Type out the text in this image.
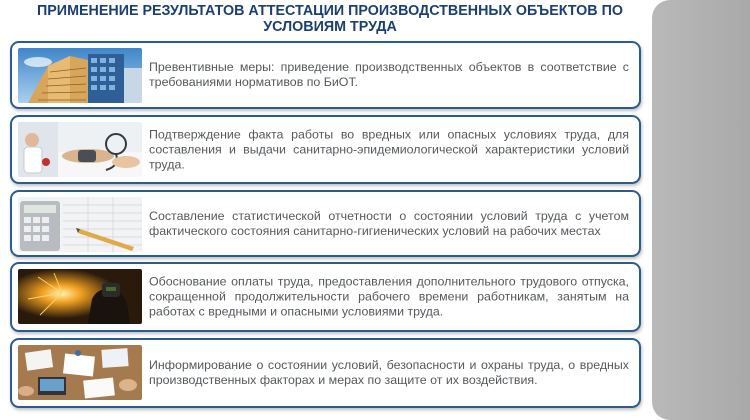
ПРИМЕНЕНИЕ РЕЗУЛЬТАТОВ АТТЕСТАЦИИ ПРОИЗВОДСТВЕННЫХ ОБЪЕКТОВ ПО УСЛОВИЯМ ТРУДА

Превентивные меры: приведение производственных объектов в соответствие с требованиями нормативов по БиОТ.

Подтверждение факта работы во вредных или опасных условиях труда, для составления и выдачи санитарно-эпидемиологической характеристики условий труда.

Составление статистической отчетности о состоянии условий труда с учетом фактического состояния санитарно-гигиенических условий на рабочих местах

Обоснование оплаты труда, предоставления дополнительного трудового отпуска, сокращенной продолжительности рабочего времени работникам, занятым на работах с вредными и опасными условиями труда.

Информирование о состоянии условий, безопасности и охраны труда, о вредных производственных факторах и мерах по защите от их воздействия.
